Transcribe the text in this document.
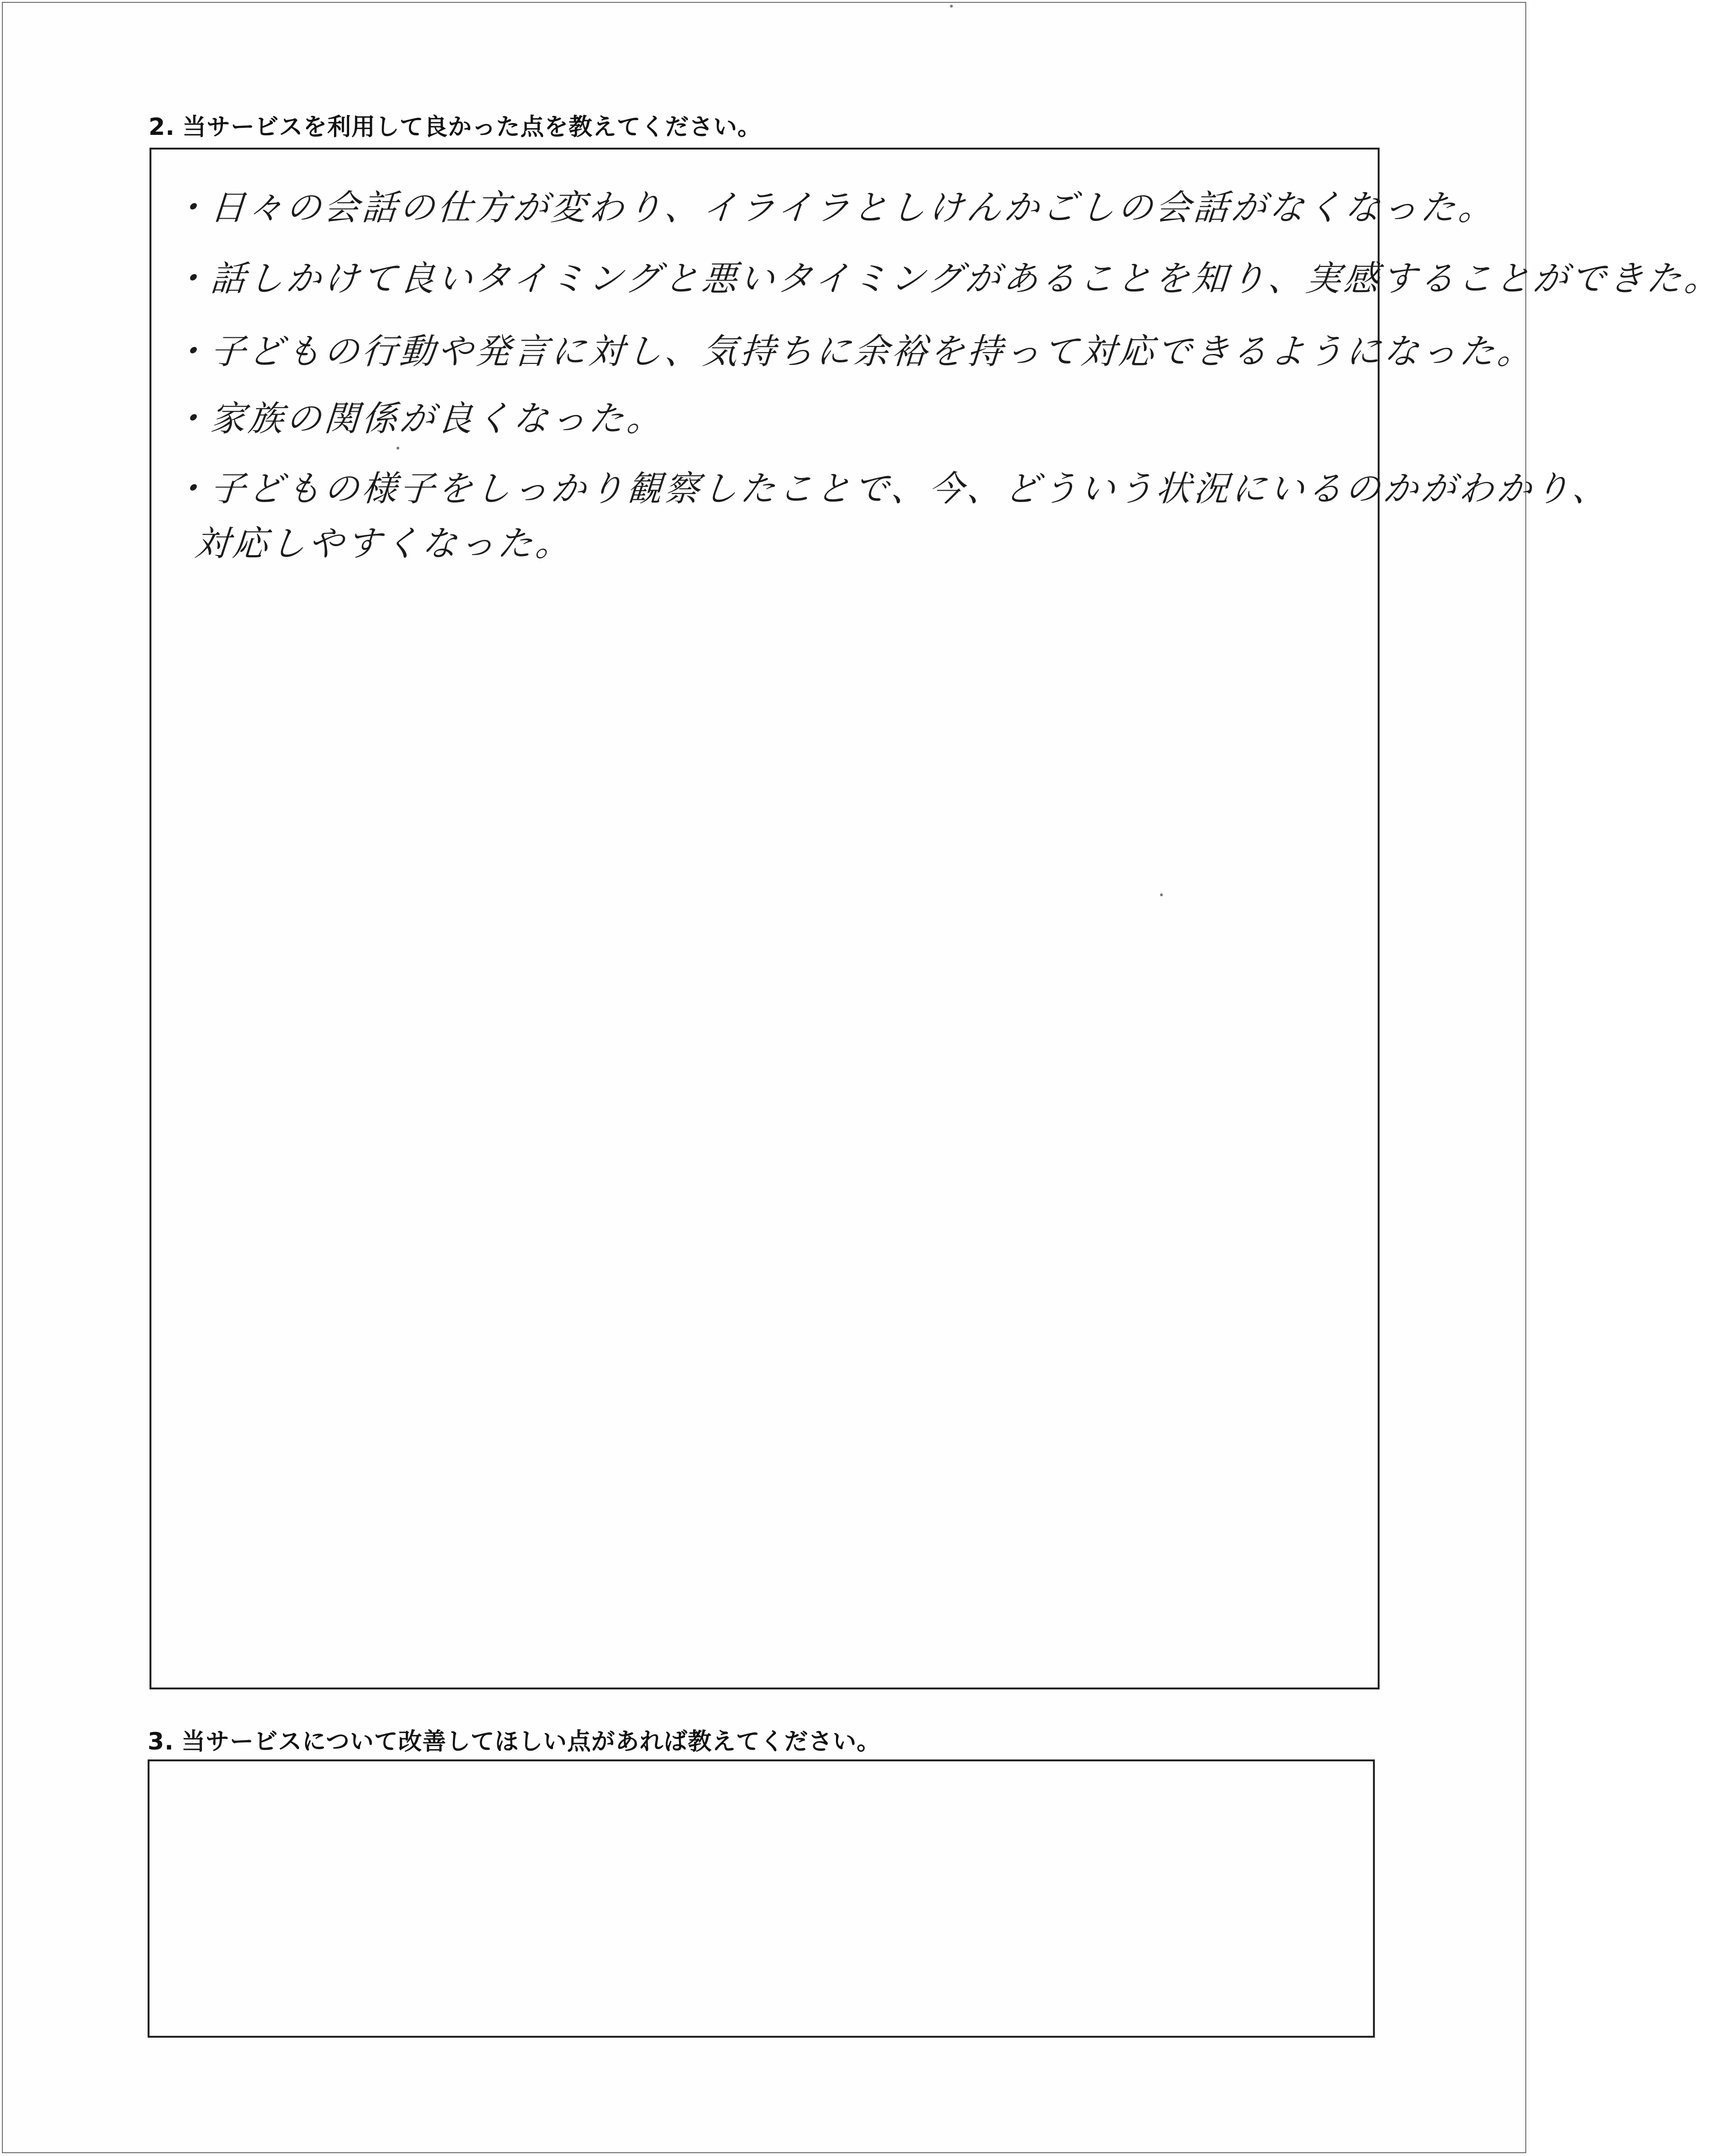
2. 当サービスを利用して良かった点を教えてください。
・日々の会話の仕方が変わり、イライラとしけんかごしの会話がなくなった。
・話しかけて良いタイミングと悪いタイミングがあることを知り、実感することができた。
・子どもの行動や発言に対し、気持ちに余裕を持って対応できるようになった。
・家族の関係が良くなった。
・子どもの様子をしっかり観察したことで、今、どういう状況にいるのかがわかり、
対応しやすくなった。
3. 当サービスについて改善してほしい点があれば教えてください。
